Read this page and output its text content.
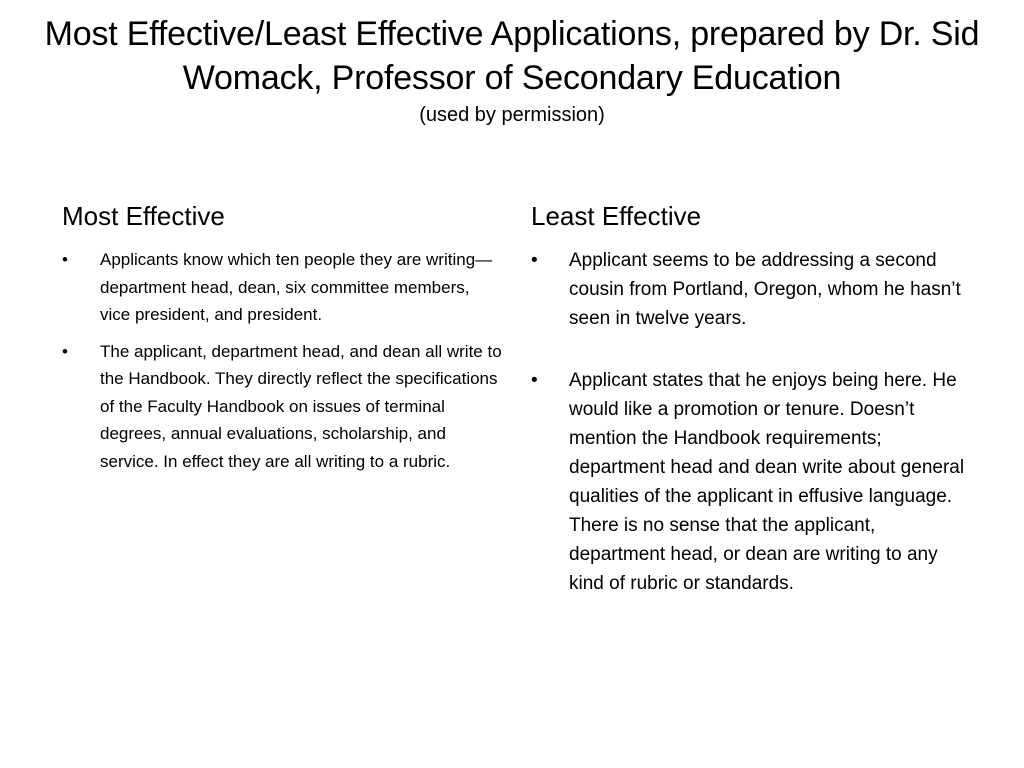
Most Effective/Least Effective Applications, prepared by Dr. Sid Womack, Professor of Secondary Education
(used by permission)
Most Effective
• Applicants know which ten people they are writing—department head, dean, six committee members, vice president, and president.
• The applicant, department head, and dean all write to the Handbook. They directly reflect the specifications of the Faculty Handbook on issues of terminal degrees, annual evaluations, scholarship, and service. In effect they are all writing to a rubric.
Least Effective
• Applicant seems to be addressing a second cousin from Portland, Oregon, whom he hasn’t seen in twelve years.
• Applicant states that he enjoys being here. He would like a promotion or tenure. Doesn’t mention the Handbook requirements; department head and dean write about general qualities of the applicant in effusive language. There is no sense that the applicant, department head, or dean are writing to any kind of rubric or standards.
